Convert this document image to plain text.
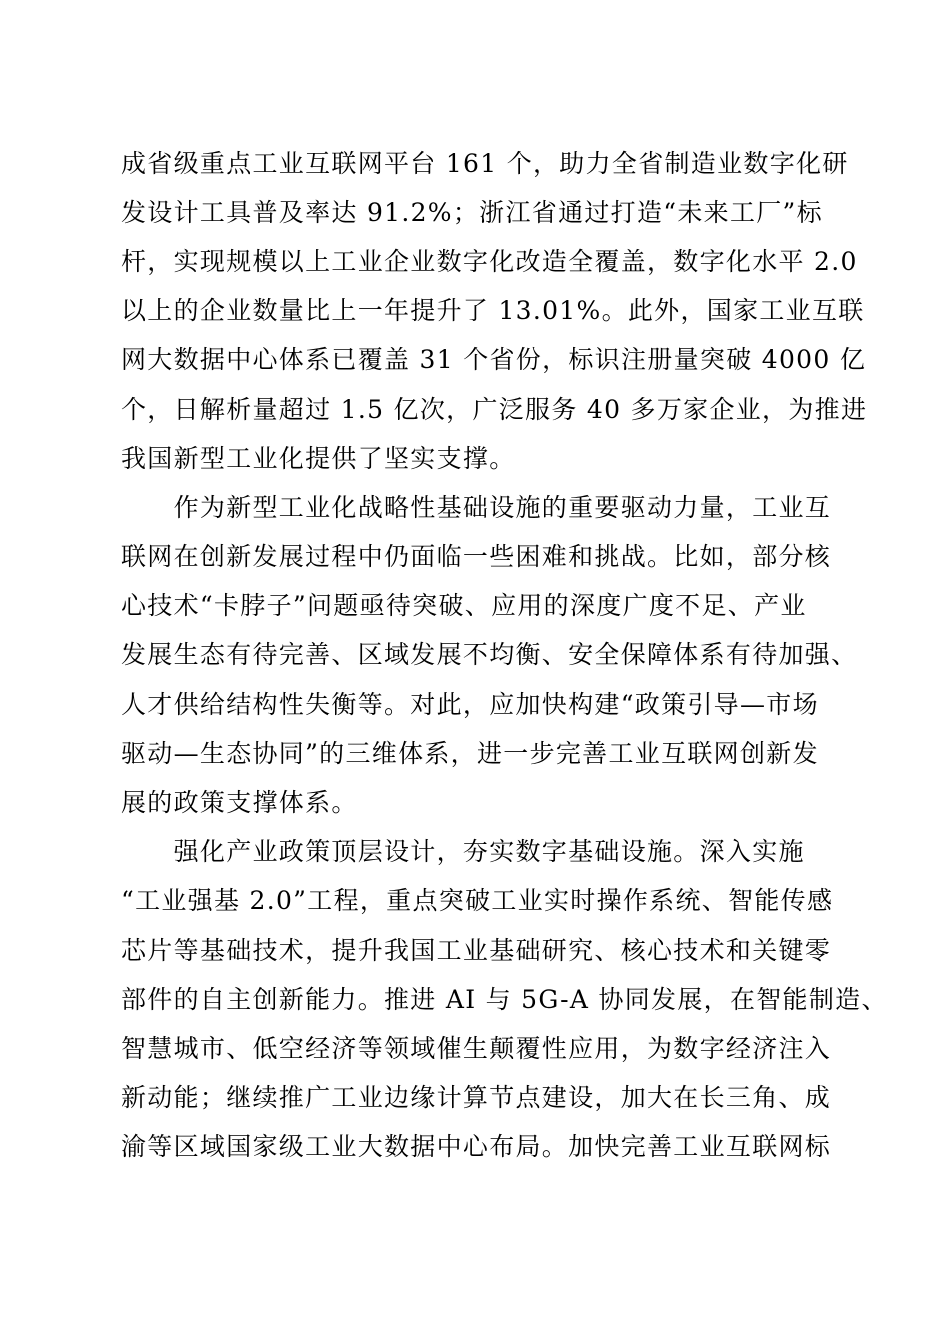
成省级重点工业互联网平台 161 个，助力全省制造业数字化研
发设计工具普及率达 91.2%；浙江省通过打造“未来工厂”标
杆，实现规模以上工业企业数字化改造全覆盖，数字化水平 2.0
以上的企业数量比上一年提升了 13.01%。此外，国家工业互联
网大数据中心体系已覆盖 31 个省份，标识注册量突破 4000 亿
个，日解析量超过 1.5 亿次，广泛服务 40 多万家企业，为推进
我国新型工业化提供了坚实支撑。
　　作为新型工业化战略性基础设施的重要驱动力量，工业互
联网在创新发展过程中仍面临一些困难和挑战。比如，部分核
心技术“卡脖子”问题亟待突破、应用的深度广度不足、产业
发展生态有待完善、区域发展不均衡、安全保障体系有待加强、
人才供给结构性失衡等。对此，应加快构建“政策引导—市场
驱动—生态协同”的三维体系，进一步完善工业互联网创新发
展的政策支撑体系。
　　强化产业政策顶层设计，夯实数字基础设施。深入实施
“工业强基 2.0”工程，重点突破工业实时操作系统、智能传感
芯片等基础技术，提升我国工业基础研究、核心技术和关键零
部件的自主创新能力。推进 AI 与 5G-A 协同发展，在智能制造、
智慧城市、低空经济等领域催生颠覆性应用，为数字经济注入
新动能；继续推广工业边缘计算节点建设，加大在长三角、成
渝等区域国家级工业大数据中心布局。加快完善工业互联网标
